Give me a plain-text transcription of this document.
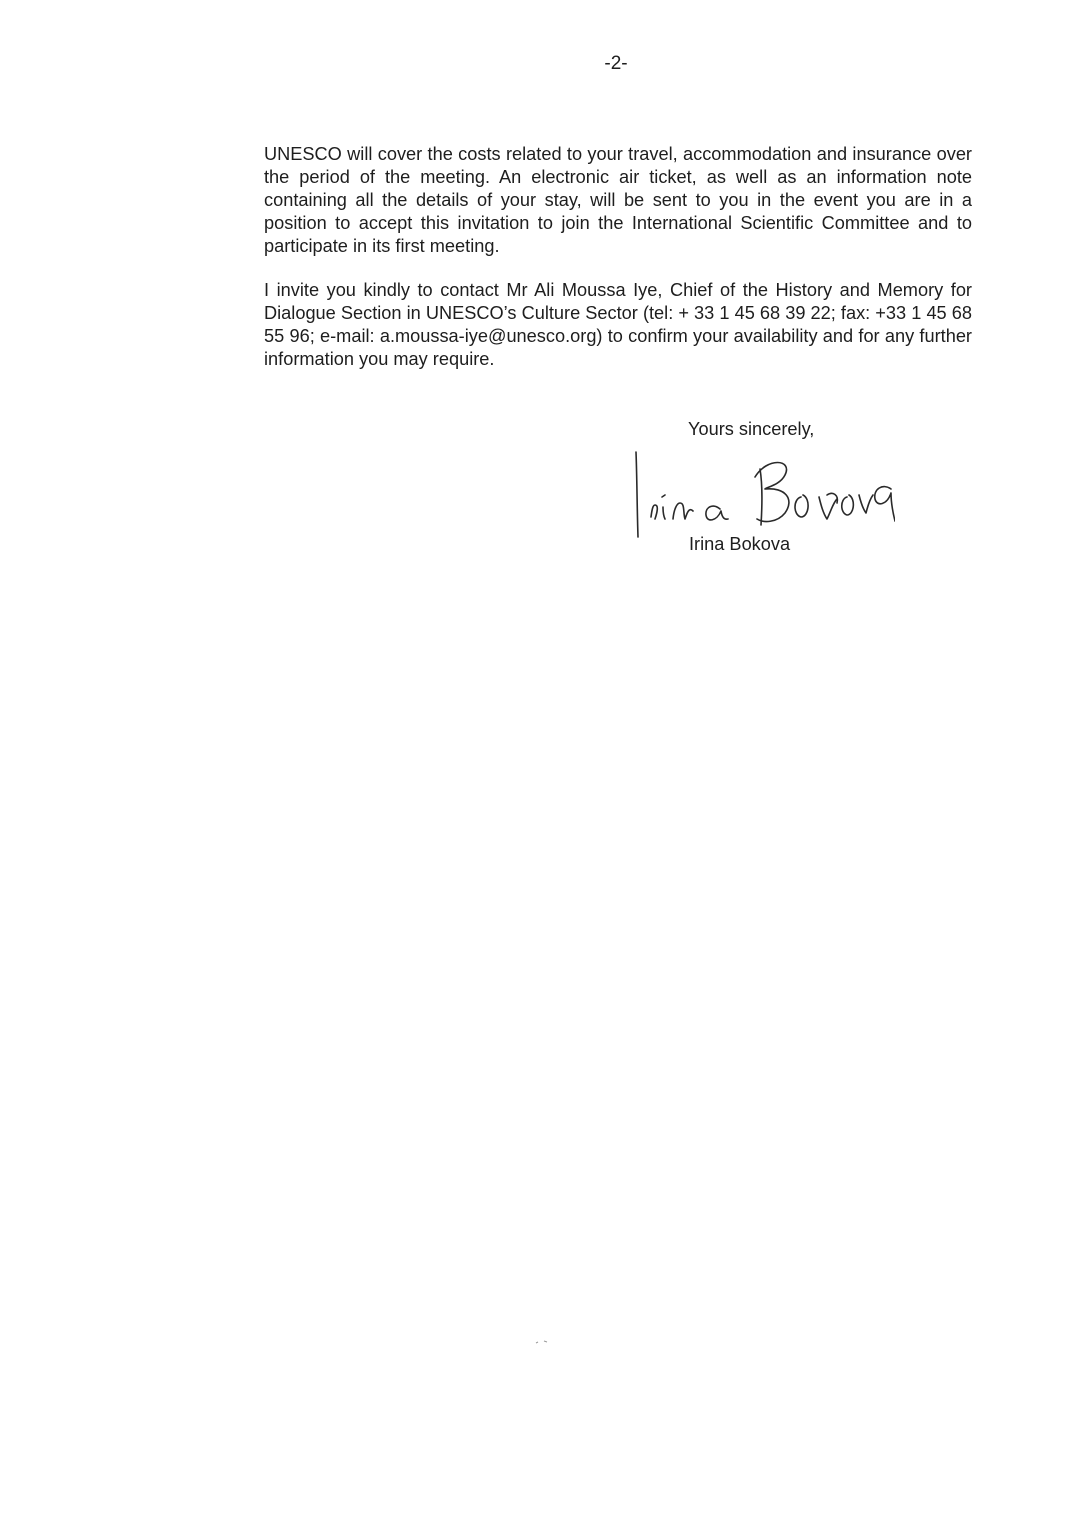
-2-

UNESCO will cover the costs related to your travel, accommodation and insurance over the period of the meeting. An electronic air ticket, as well as an information note containing all the details of your stay, will be sent to you in the event you are in a position to accept this invitation to join the International Scientific Committee and to participate in its first meeting.

I invite you kindly to contact Mr Ali Moussa Iye, Chief of the History and Memory for Dialogue Section in UNESCO’s Culture Sector (tel: + 33 1 45 68 39 22; fax: +33 1 45 68 55 96; e-mail: a.moussa-iye@unesco.org) to confirm your availability and for any further information you may require.

Yours sincerely,
Irina Bokova
